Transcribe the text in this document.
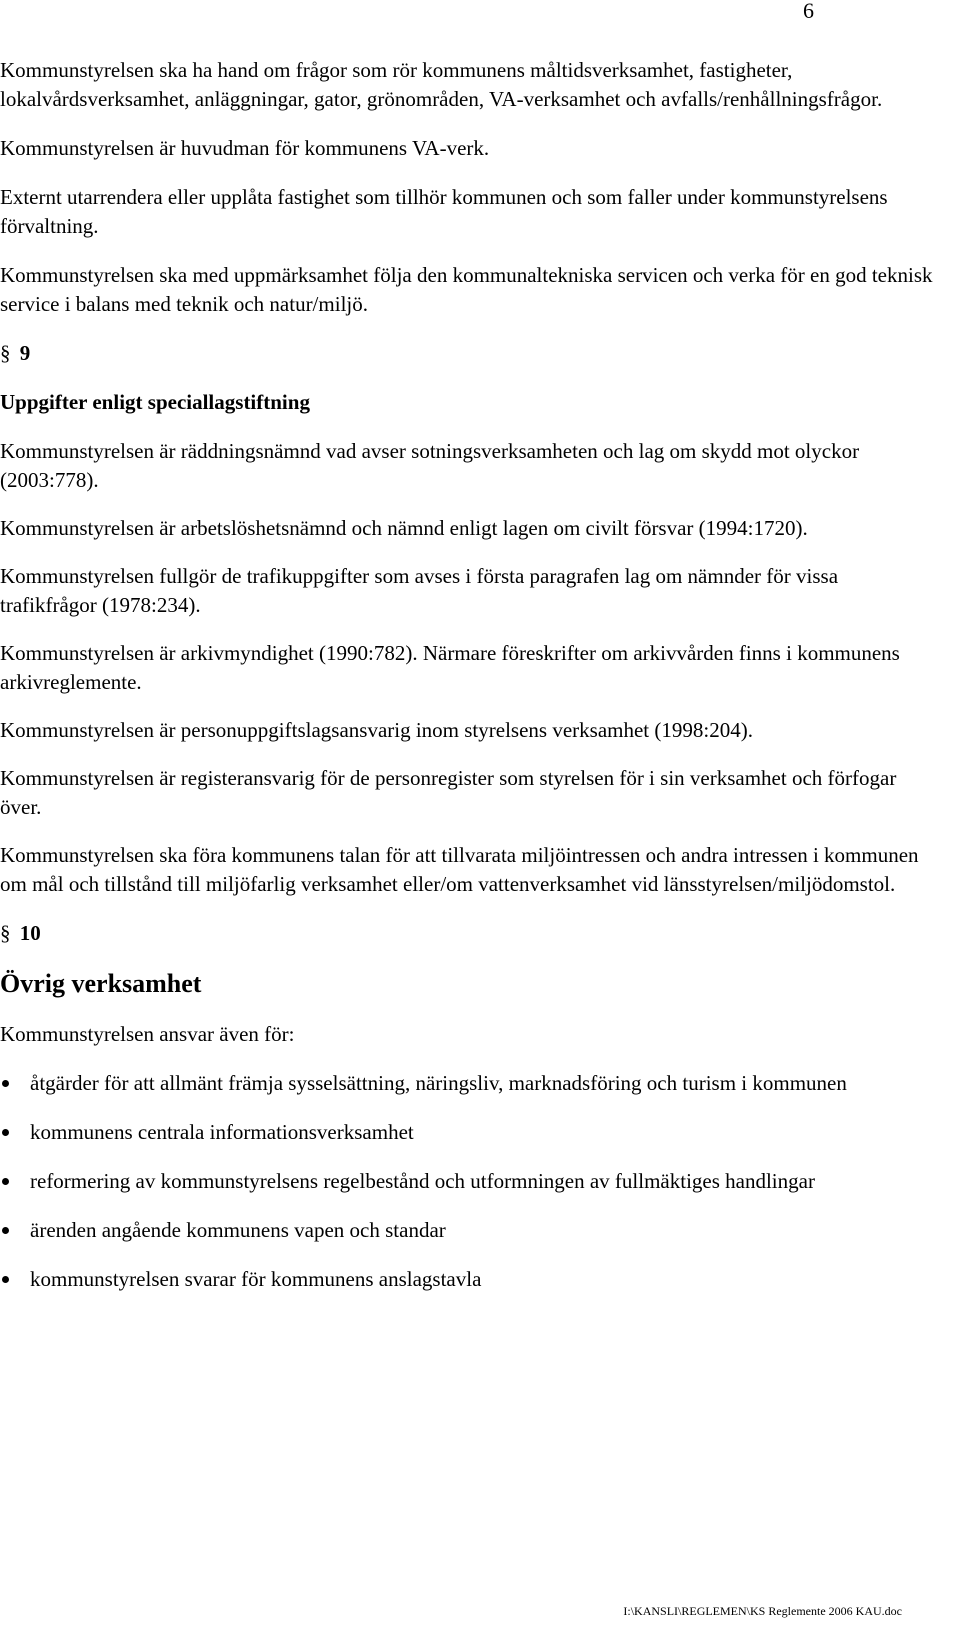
6

Kommunstyrelsen ska ha hand om frågor som rör kommunens måltidsverksamhet, fastigheter, lokalvårdsverksamhet, anläggningar, gator, grönområden, VA-verksamhet och avfalls/renhållningsfrågor.

Kommunstyrelsen är huvudman för kommunens VA-verk.

Externt utarrendera eller upplåta fastighet som tillhör kommunen och som faller under kommunstyrelsens förvaltning.

Kommunstyrelsen ska med uppmärksamhet följa den kommunaltekniska servicen och verka för en god teknisk service i balans med teknik och natur/miljö.

§ 9
Uppgifter enligt speciallagstiftning

Kommunstyrelsen är räddningsnämnd vad avser sotningsverksamheten och lag om skydd mot olyckor (2003:778).

Kommunstyrelsen är arbetslöshetsnämnd och nämnd enligt lagen om civilt försvar (1994:1720).

Kommunstyrelsen fullgör de trafikuppgifter som avses i första paragrafen lag om nämnder för vissa trafikfrågor (1978:234).

Kommunstyrelsen är arkivmyndighet (1990:782). Närmare föreskrifter om arkivvården finns i kommunens arkivreglemente.

Kommunstyrelsen är personuppgiftslagsansvarig inom styrelsens verksamhet (1998:204).

Kommunstyrelsen är registeransvarig för de personregister som styrelsen för i sin verksamhet och förfogar över.

Kommunstyrelsen ska föra kommunens talan för att tillvarata miljöintressen och andra intressen i kommunen om mål och tillstånd till miljöfarlig verksamhet eller/om vattenverksamhet vid länsstyrelsen/miljödomstol.

§ 10
Övrig verksamhet

Kommunstyrelsen ansvar även för:

åtgärder för att allmänt främja sysselsättning, näringsliv, marknadsföring och turism i kommunen
kommunens centrala informationsverksamhet
reformering av kommunstyrelsens regelbestånd och utformningen av fullmäktiges handlingar
ärenden angående kommunens vapen och standar
kommunstyrelsen svarar för kommunens anslagstavla
I:\KANSLI\REGLEMEN\KS Reglemente 2006 KAU.doc
